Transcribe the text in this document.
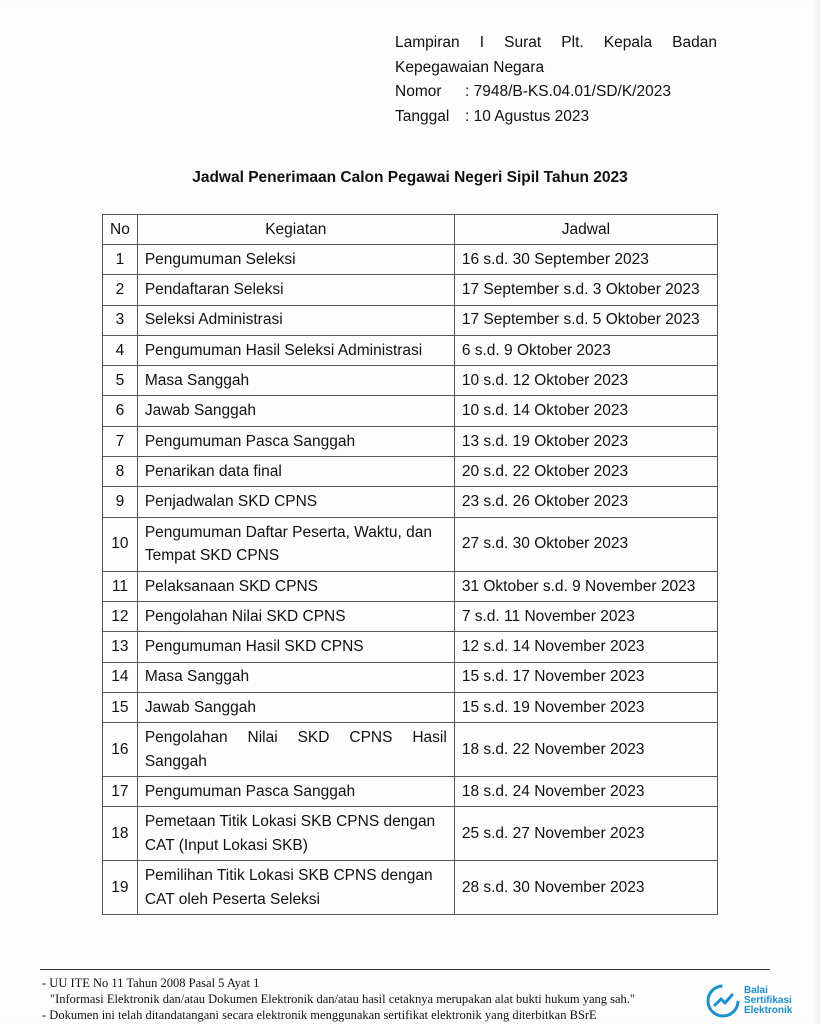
Lampiran I Surat Plt. Kepala Badan
Kepegawaian Negara
Nomor	: 7948/B-KS.04.01/SD/K/2023
Tanggal	: 10 Agustus 2023
Jadwal Penerimaan Calon Pegawai Negeri Sipil Tahun 2023
No	Kegiatan	Jadwal
1	Pengumuman Seleksi	16 s.d. 30 September 2023
2	Pendaftaran Seleksi	17 September s.d. 3 Oktober 2023
3	Seleksi Administrasi	17 September s.d. 5 Oktober 2023
4	Pengumuman Hasil Seleksi Administrasi	6 s.d. 9 Oktober 2023
5	Masa Sanggah	10 s.d. 12 Oktober 2023
6	Jawab Sanggah	10 s.d. 14 Oktober 2023
7	Pengumuman Pasca Sanggah	13 s.d. 19 Oktober 2023
8	Penarikan data final	20 s.d. 22 Oktober 2023
9	Penjadwalan SKD CPNS	23 s.d. 26 Oktober 2023
10	Pengumuman Daftar Peserta, Waktu, dan Tempat SKD CPNS	27 s.d. 30 Oktober 2023
11	Pelaksanaan SKD CPNS	31 Oktober s.d. 9 November 2023
12	Pengolahan Nilai SKD CPNS	7 s.d. 11 November 2023
13	Pengumuman Hasil SKD CPNS	12 s.d. 14 November 2023
14	Masa Sanggah	15 s.d. 17 November 2023
15	Jawab Sanggah	15 s.d. 19 November 2023
16	Pengolahan Nilai SKD CPNS Hasil Sanggah	18 s.d. 22 November 2023
17	Pengumuman Pasca Sanggah	18 s.d. 24 November 2023
18	Pemetaan Titik Lokasi SKB CPNS dengan CAT (Input Lokasi SKB)	25 s.d. 27 November 2023
19	Pemilihan Titik Lokasi SKB CPNS dengan CAT oleh Peserta Seleksi	28 s.d. 30 November 2023
- UU ITE No 11 Tahun 2008 Pasal 5 Ayat 1
"Informasi Elektronik dan/atau Dokumen Elektronik dan/atau hasil cetaknya merupakan alat bukti hukum yang sah."
- Dokumen ini telah ditandatangani secara elektronik menggunakan sertifikat elektronik yang diterbitkan BSrE
Balai
Sertifikasi
Elektronik
